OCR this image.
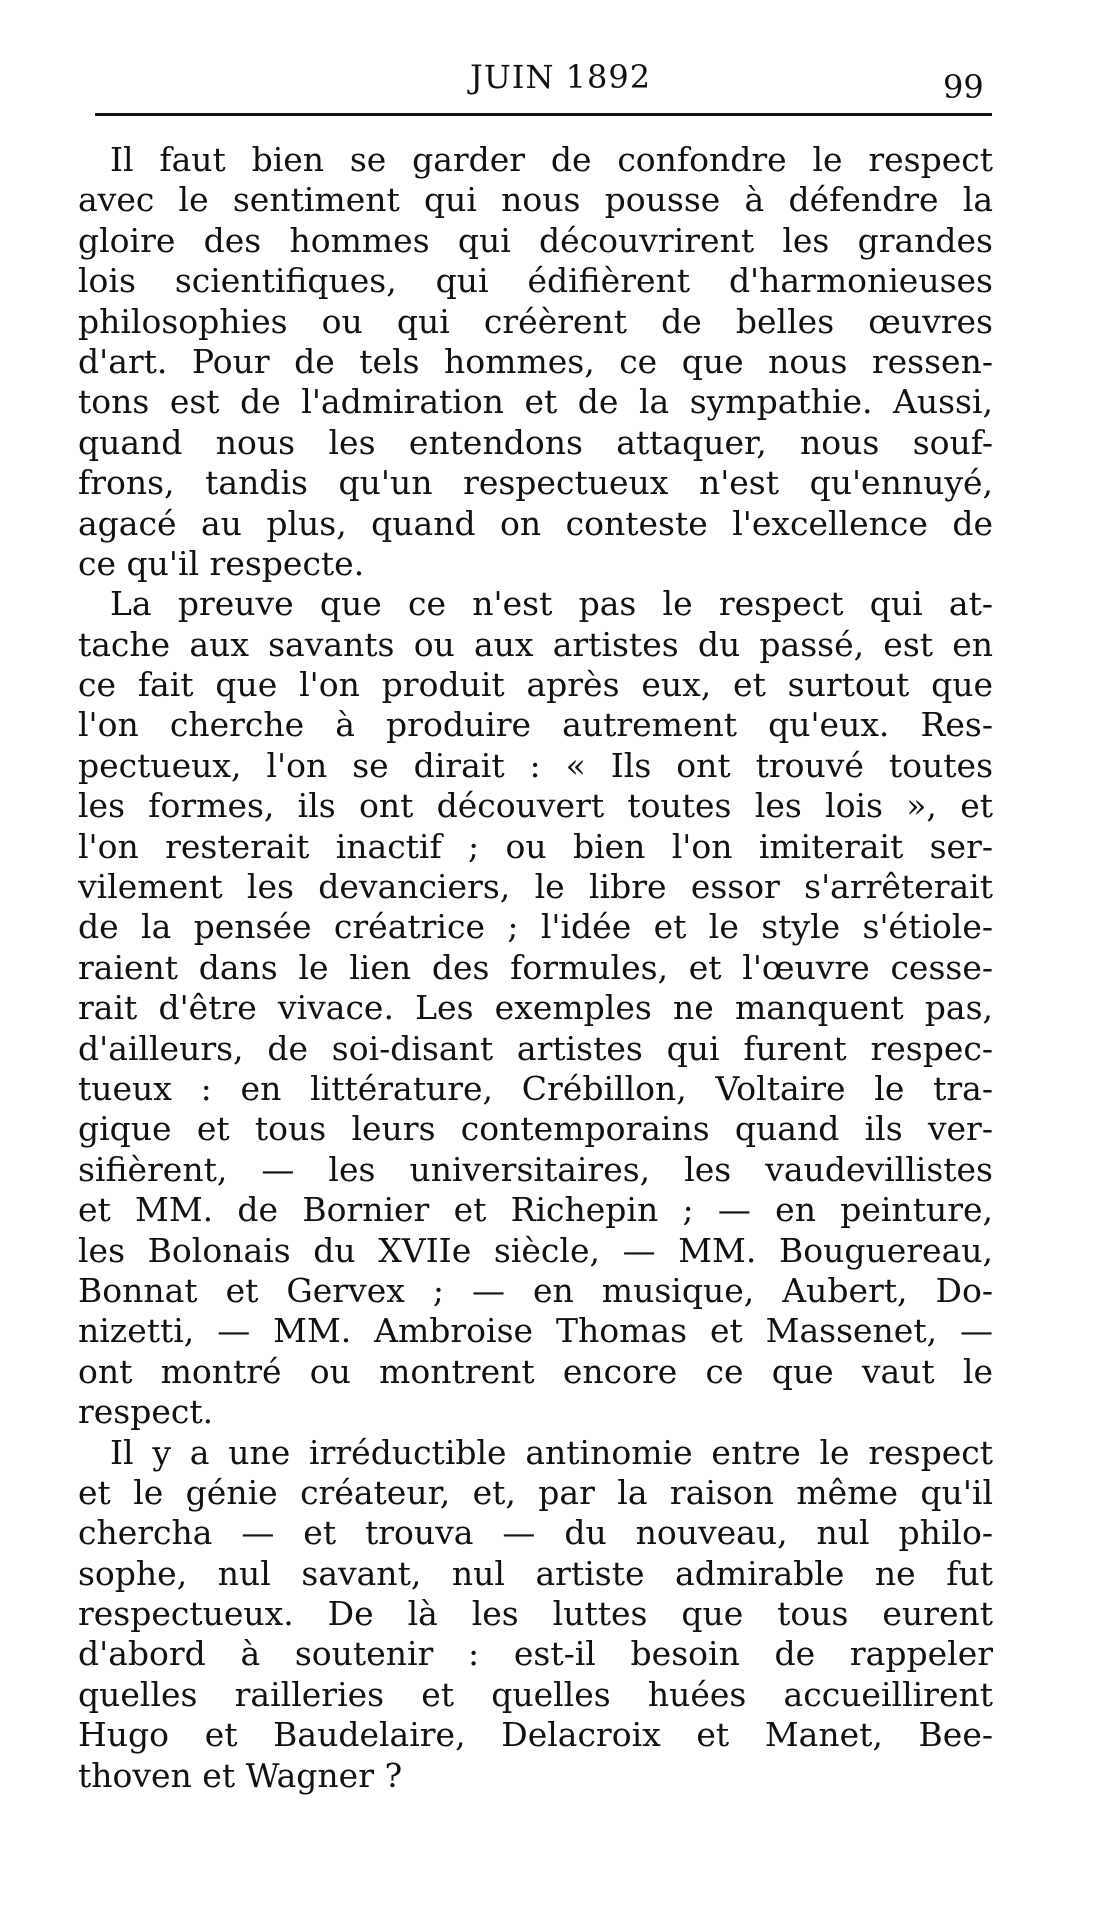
JUIN 1892	99
Il faut bien se garder de confondre le respect
avec le sentiment qui nous pousse à défendre la
gloire des hommes qui découvrirent les grandes
lois scientifiques, qui édifièrent d'harmonieuses
philosophies ou qui créèrent de belles œuvres
d'art. Pour de tels hommes, ce que nous ressen-
tons est de l'admiration et de la sympathie. Aussi,
quand nous les entendons attaquer, nous souf-
frons, tandis qu'un respectueux n'est qu'ennuyé,
agacé au plus, quand on conteste l'excellence de
ce qu'il respecte.
La preuve que ce n'est pas le respect qui at-
tache aux savants ou aux artistes du passé, est en
ce fait que l'on produit après eux, et surtout que
l'on cherche à produire autrement qu'eux. Res-
pectueux, l'on se dirait : « Ils ont trouvé toutes
les formes, ils ont découvert toutes les lois », et
l'on resterait inactif ; ou bien l'on imiterait ser-
vilement les devanciers, le libre essor s'arrêterait
de la pensée créatrice ; l'idée et le style s'étiole-
raient dans le lien des formules, et l'œuvre cesse-
rait d'être vivace. Les exemples ne manquent pas,
d'ailleurs, de soi-disant artistes qui furent respec-
tueux : en littérature, Crébillon, Voltaire le tra-
gique et tous leurs contemporains quand ils ver-
sifièrent, — les universitaires, les vaudevillistes
et MM. de Bornier et Richepin ; — en peinture,
les Bolonais du XVIIe siècle, — MM. Bouguereau,
Bonnat et Gervex ; — en musique, Aubert, Do-
nizetti, — MM. Ambroise Thomas et Massenet, —
ont montré ou montrent encore ce que vaut le
respect.
Il y a une irréductible antinomie entre le respect
et le génie créateur, et, par la raison même qu'il
chercha — et trouva — du nouveau, nul philo-
sophe, nul savant, nul artiste admirable ne fut
respectueux. De là les luttes que tous eurent
d'abord à soutenir : est-il besoin de rappeler
quelles railleries et quelles huées accueillirent
Hugo et Baudelaire, Delacroix et Manet, Bee-
thoven et Wagner ?
